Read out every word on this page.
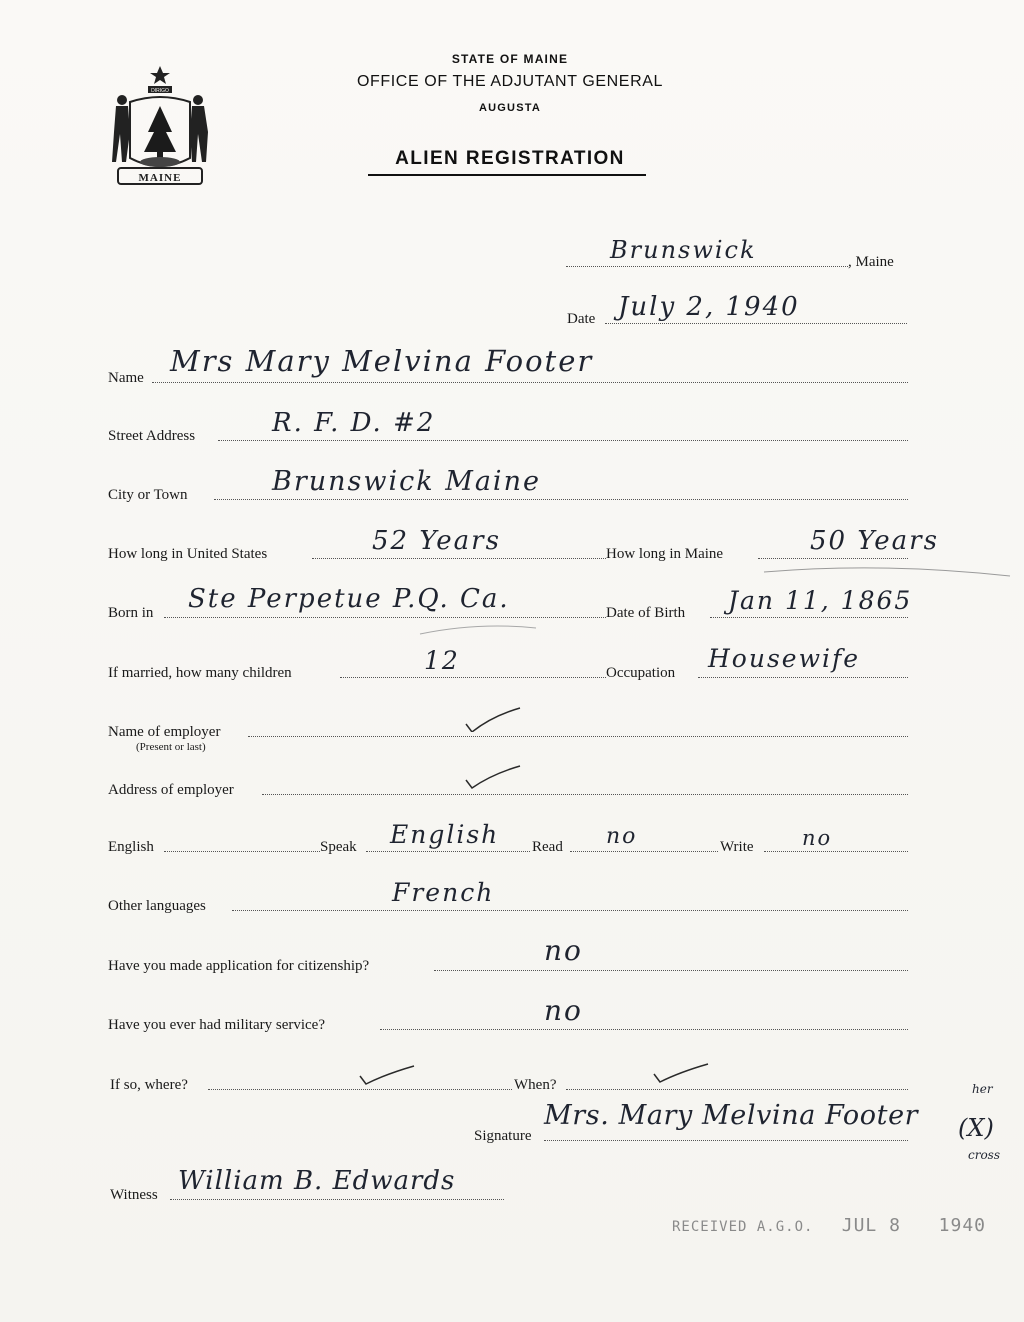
DIRIGO
MAINE
STATE OF MAINE
OFFICE OF THE ADJUTANT GENERAL
AUGUSTA
ALIEN REGISTRATION
Brunswick	, Maine
Date July 2, 1940
Name Mrs Mary Melvina Footer
Street Address	R. F. D. #2
City or Town	Brunswick Maine
How long in United States	52 Years	How long in Maine	50 Years
Born in Ste Perpetue P.Q. Ca.	Date of Birth Jan 11, 1865
If married, how many children	12	Occupation Housewife
Name of employer
(Present or last)
Address of employer
English	Speak English Read no	Write no
Other languages	French
Have you made application for citizenship?	no
Have you ever had military service?	no
If so, where?	When?
Signature
Mrs. Mary Melvina Footer (X)
her
cross
Witness William B. Edwards
RECEIVED A.G.O. JUL 8 1940
